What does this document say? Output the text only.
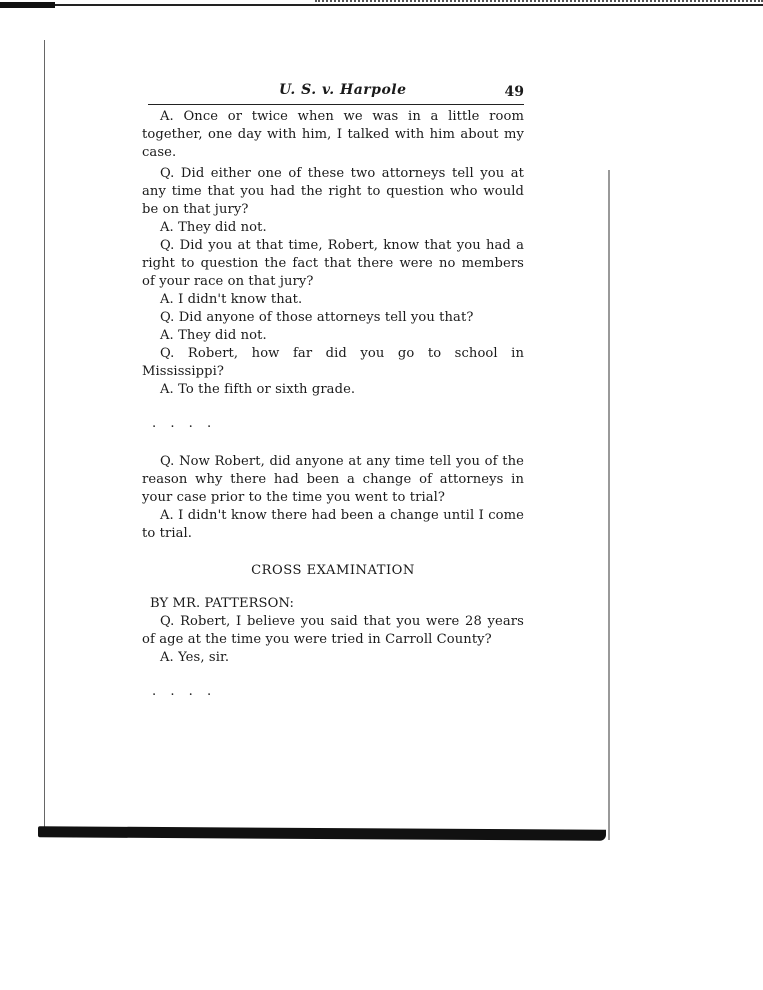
U. S. v. Harpole	49

A. Once or twice when we was in a little room together, one day with him, I talked with him about my case.

Q. Did either one of these two attorneys tell you at any time that you had the right to question who would be on that jury?

A. They did not.

Q. Did you at that time, Robert, know that you had a right to question the fact that there were no members of your race on that jury?

A. I didn't know that.

Q. Did anyone of those attorneys tell you that?

A. They did not.

Q. Robert, how far did you go to school in Mississippi?

A. To the fifth or sixth grade.

. . . .

Q. Now Robert, did anyone at any time tell you of the reason why there had been a change of attorneys in your case prior to the time you went to trial?

A. I didn't know there had been a change until I come to trial.

CROSS EXAMINATION

BY MR. PATTERSON:

Q. Robert, I believe you said that you were 28 years of age at the time you were tried in Carroll County?

A. Yes, sir.

. . . .
